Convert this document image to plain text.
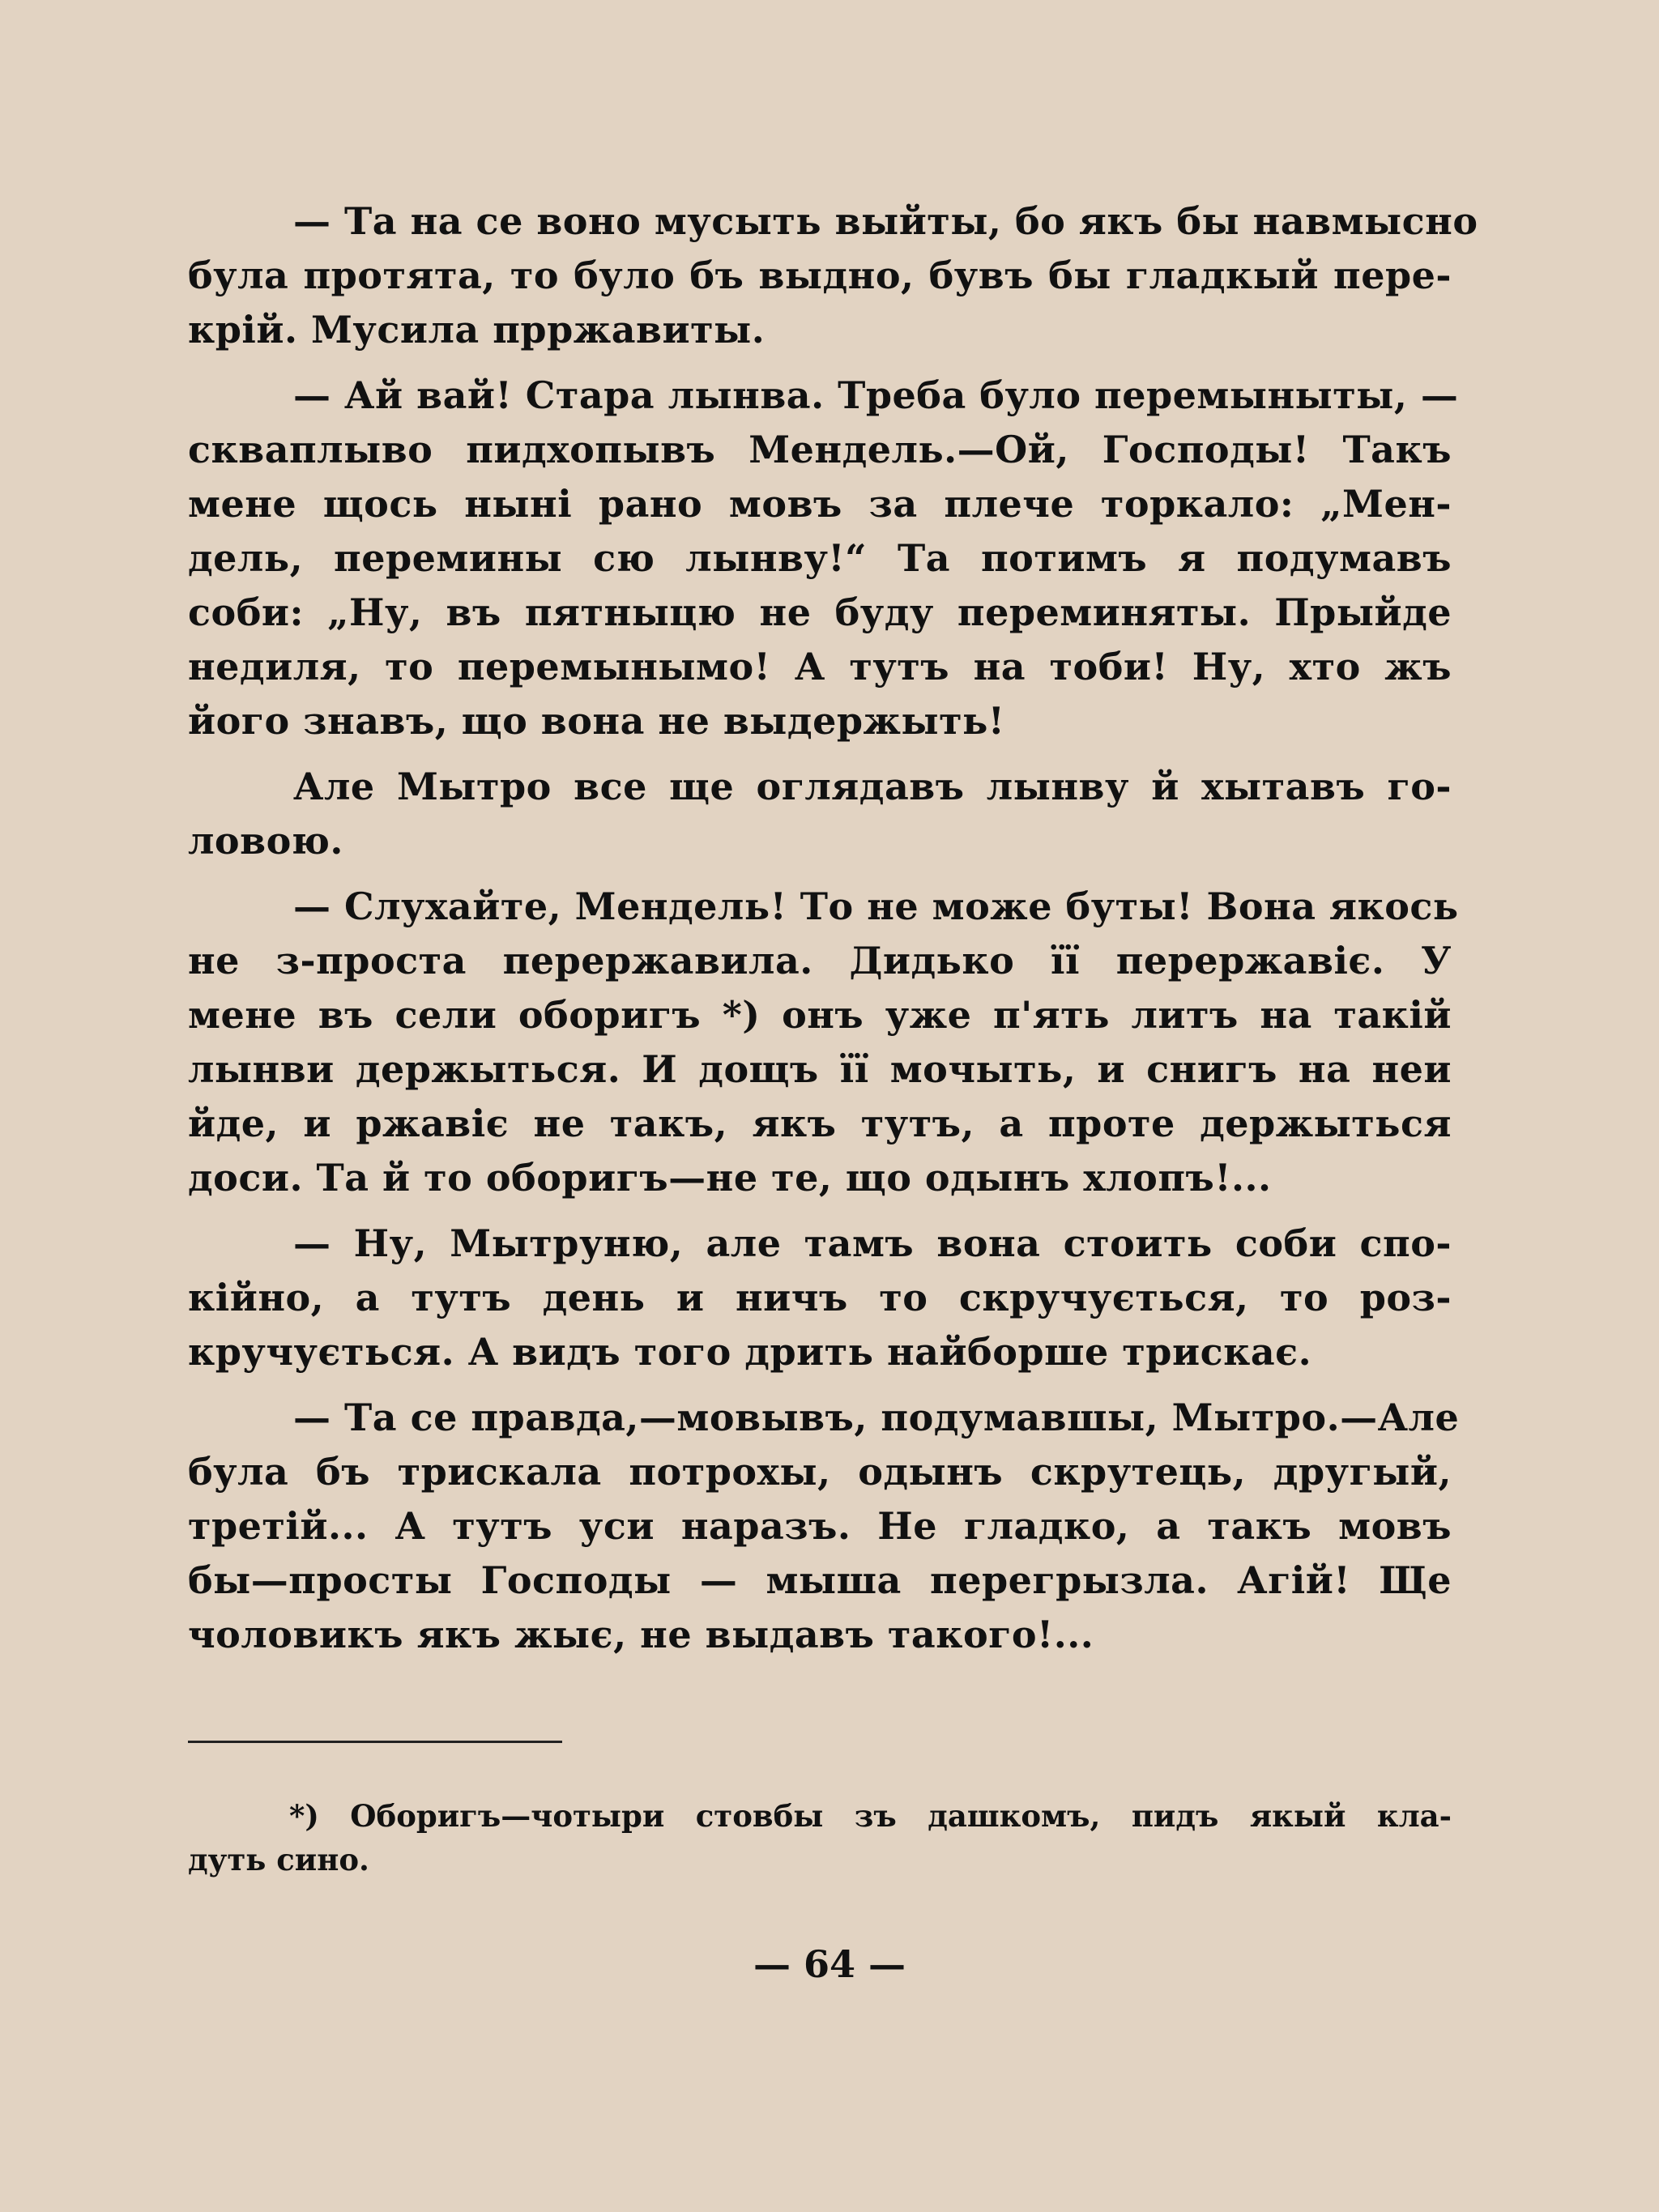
— Та на се воно мусыть выйты, бо якъ бы навмысно
була протята, то було бъ выдно, бувъ бы гладкый пере-
крій. Мусила прржавиты.
— Ай вай! Стара лынва. Треба було перемыныты, —
скваплыво пидхопывъ Мендель.—Ой, Господы! Такъ
мене щось нынi рано мовъ за плече торкало: „Мен-
дель, перемины сю лынву!“ Та потимъ я подумавъ
соби: „Ну, въ пятныцю не буду переминяты. Прыйде
недиля, то перемынымо! А тутъ на тоби! Ну, хто жъ
його знавъ, що вона не выдержыть!
Але Мытро все ще оглядавъ лынву й хытавъ го-
ловою.
— Слухайте, Мендель! То не може буты! Вона якось
не з-проста перержавила. Дидько її перержавіє. У
мене въ сели оборигъ *) онъ уже п'ять литъ на такій
лынви держыться. И дощъ її мочыть, и снигъ на неи
йде, и ржавіє не такъ, якъ тутъ, а проте держыться
доси. Та й то оборигъ—не те, що одынъ хлопъ!...
— Ну, Мытруню, але тамъ вона стоить соби спо-
кійно, а тутъ день и ничъ то скручується, то роз-
кручується. А видъ того дрить найборше трискає.
— Та се правда,—мовывъ, подумавшы, Мытро.—Але
була бъ трискала потрохы, одынъ скрутець, другый,
третій... А тутъ уси наразъ. Не гладко, а такъ мовъ
бы—просты Господы — мыша перегрызла. Агій! Ще
чоловикъ якъ жыє, не выдавъ такого!...
*) Оборигъ—чотыри стовбы зъ дашкомъ, пидъ якый кла-
дуть сино.
— 64 —
